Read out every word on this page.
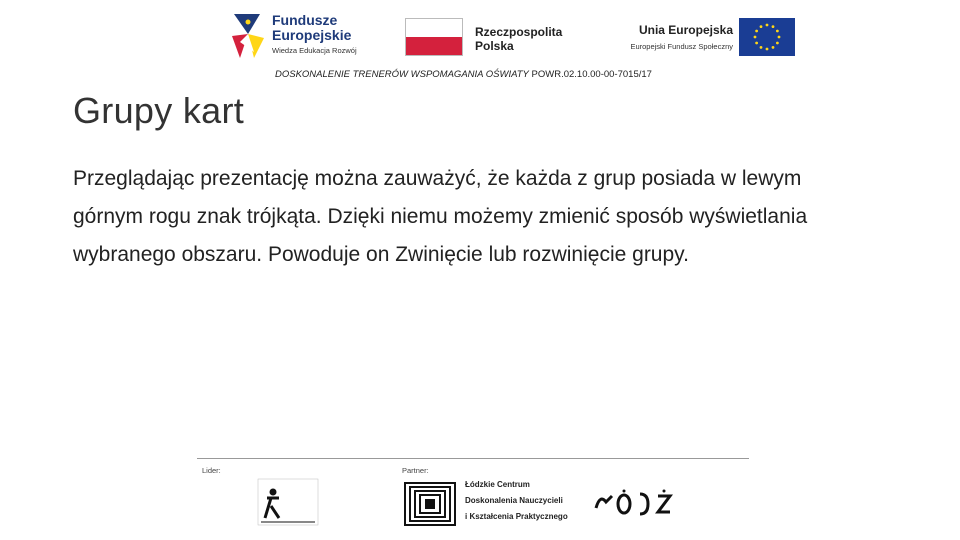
Fundusze
Europejskie
Wiedza Edukacja Rozwój
Rzeczpospolita
Polska
Unia Europejska
Europejski Fundusz Społeczny
DOSKONALENIE TRENERÓW WSPOMAGANIA OŚWIATY POWR.02.10.00-00-7015/17
Grupy kart

Przeglądając prezentację można zauważyć, że każda z grup posiada w lewym górnym rogu znak trójkąta. Dzięki niemu możemy zmienić sposób wyświetlania wybranego obszaru. Powoduje on Zwinięcie lub rozwinięcie grupy.

Lider:	Partner:
Łódzkie Centrum
Doskonalenia Nauczycieli
i Kształcenia Praktycznego
